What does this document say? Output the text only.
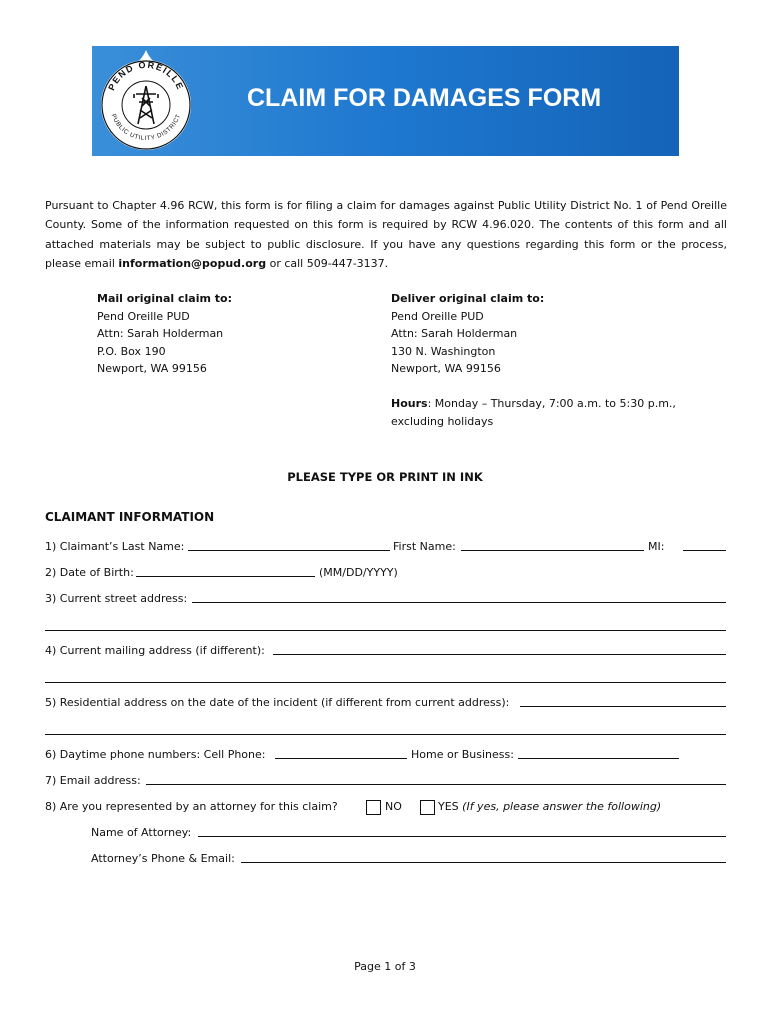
PEND OREILLE
PUBLIC UTILITY DISTRICT
CLAIM FOR DAMAGES FORM
Pursuant to Chapter 4.96 RCW, this form is for filing a claim for damages against Public Utility District No. 1 of Pend Oreille
County. Some of the information requested on this form is required by RCW 4.96.020. The contents of this form and all
attached materials may be subject to public disclosure. If you have any questions regarding this form or the process,
please email information@popud.org or call 509-447-3137.
Mail original claim to:
Pend Oreille PUD
Attn: Sarah Holderman
P.O. Box 190
Newport, WA 99156
Deliver original claim to:
Pend Oreille PUD
Attn: Sarah Holderman
130 N. Washington
Newport, WA 99156
Hours: Monday – Thursday, 7:00 a.m. to 5:30 p.m.,
excluding holidays
PLEASE TYPE OR PRINT IN INK
CLAIMANT INFORMATION
1) Claimant’s Last Name:	First Name:	MI:
2) Date of Birth:	(MM/DD/YYYY)
3) Current street address:
4) Current mailing address (if different):
5) Residential address on the date of the incident (if different from current address):
6) Daytime phone numbers: Cell Phone:	Home or Business:
7) Email address:
8) Are you represented by an attorney for this claim?	NO	YES (If yes, please answer the following)
Name of Attorney:
Attorney’s Phone & Email:
Page 1 of 3
